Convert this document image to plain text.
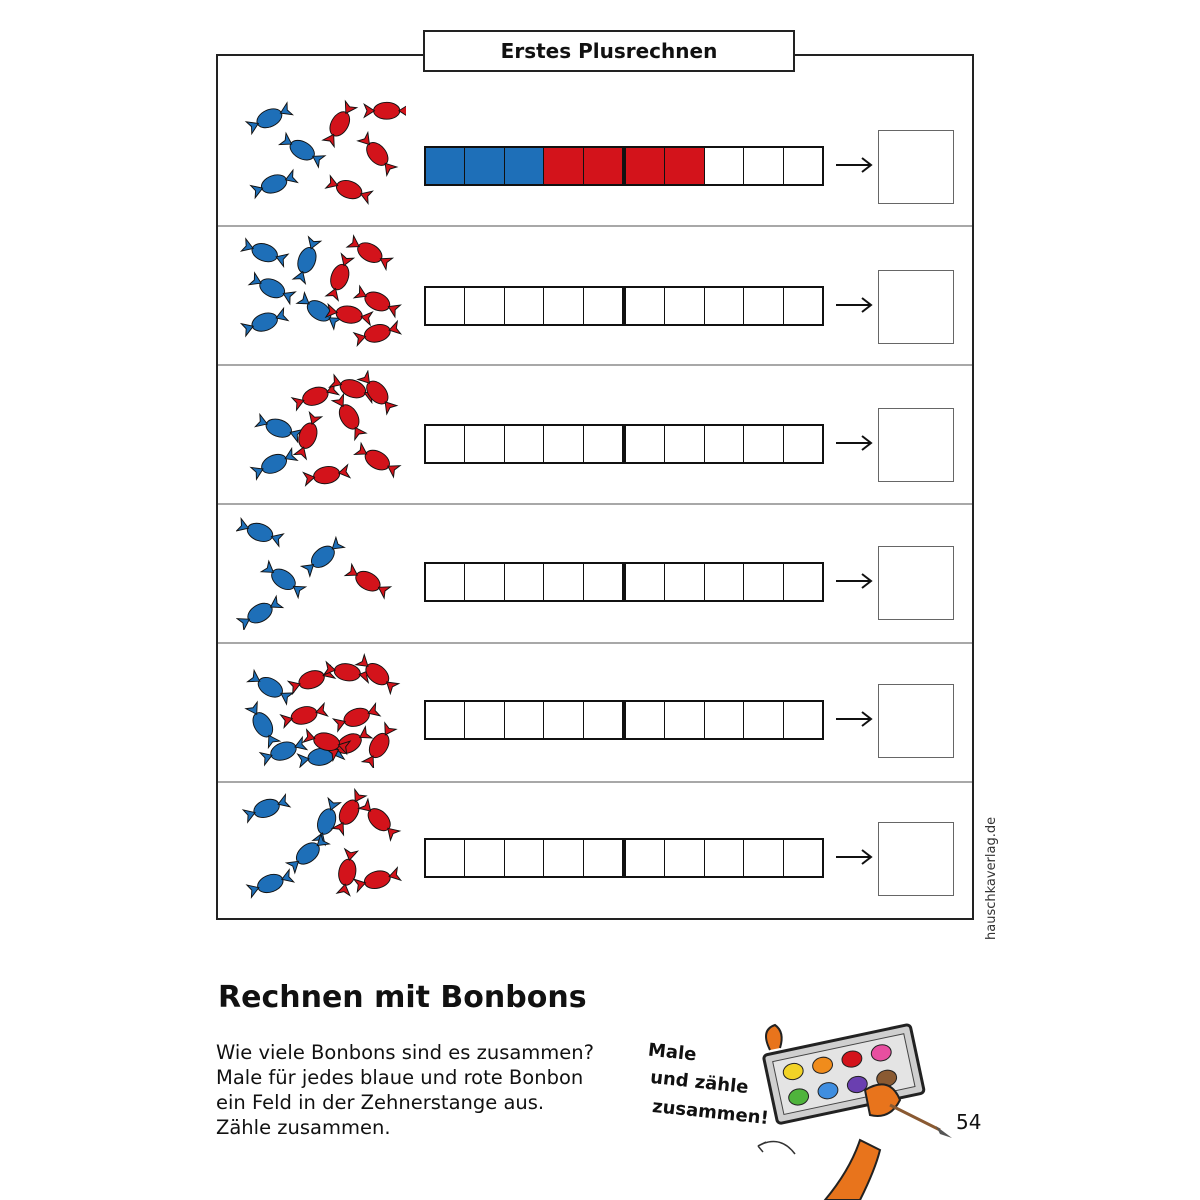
Erstes Plusrechnen
hauschkaverlag.de
Rechnen mit Bonbons
Wie viele Bonbons sind es zusammen?
Male für jedes blaue und rote Bonbon
ein Feld in der Zehnerstange aus.
Zähle zusammen.
Male
und zähle
zusammen!	54
